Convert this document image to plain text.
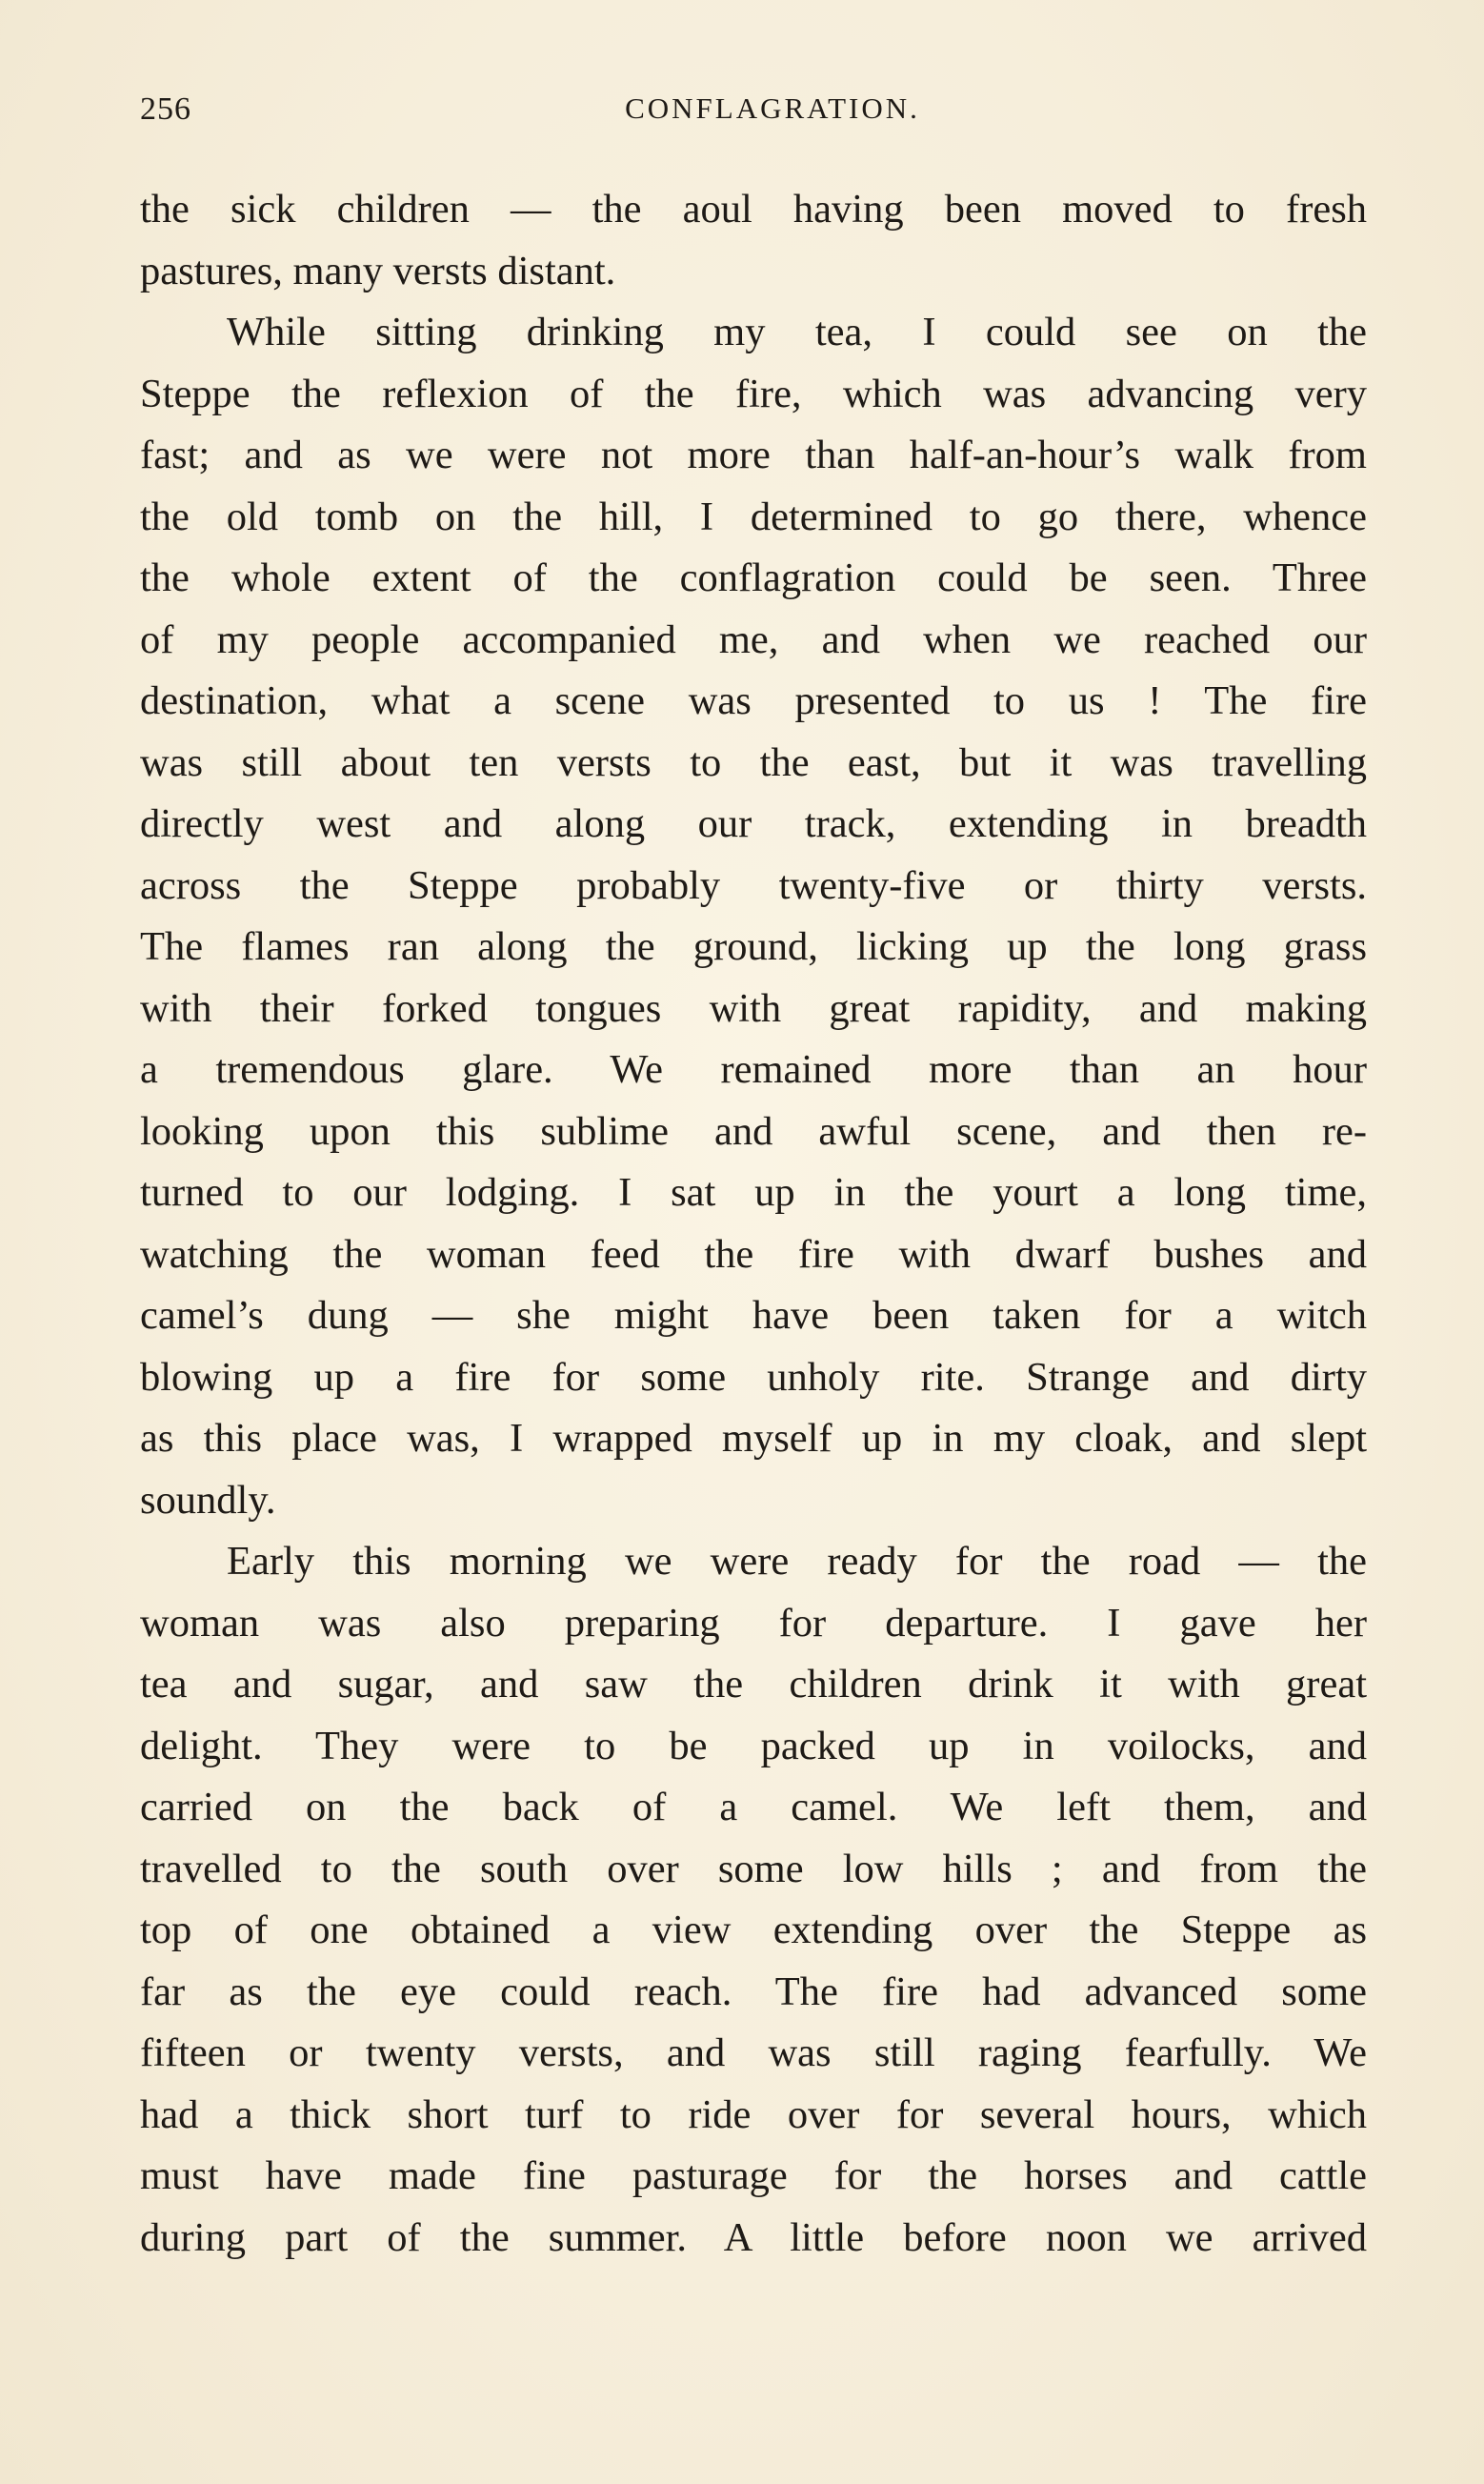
256	CONFLAGRATION.
the sick children — the aoul having been moved to fresh
pastures, many versts distant.
While sitting drinking my tea, I could see on the
Steppe the reflexion of the fire, which was advancing very
fast; and as we were not more than half-an-hour’s walk from
the old tomb on the hill, I determined to go there, whence
the whole extent of the conflagration could be seen. Three
of my people accompanied me, and when we reached our
destination, what a scene was presented to us ! The fire
was still about ten versts to the east, but it was travelling
directly west and along our track, extending in breadth
across the Steppe probably twenty-five or thirty versts.
The flames ran along the ground, licking up the long grass
with their forked tongues with great rapidity, and making
a tremendous glare. We remained more than an hour
looking upon this sublime and awful scene, and then re-
turned to our lodging. I sat up in the yourt a long time,
watching the woman feed the fire with dwarf bushes and
camel’s dung — she might have been taken for a witch
blowing up a fire for some unholy rite. Strange and dirty
as this place was, I wrapped myself up in my cloak, and slept
soundly.
Early this morning we were ready for the road — the
woman was also preparing for departure. I gave her
tea and sugar, and saw the children drink it with great
delight. They were to be packed up in voilocks, and
carried on the back of a camel. We left them, and
travelled to the south over some low hills ; and from the
top of one obtained a view extending over the Steppe as
far as the eye could reach. The fire had advanced some
fifteen or twenty versts, and was still raging fearfully. We
had a thick short turf to ride over for several hours, which
must have made fine pasturage for the horses and cattle
during part of the summer. A little before noon we arrived
